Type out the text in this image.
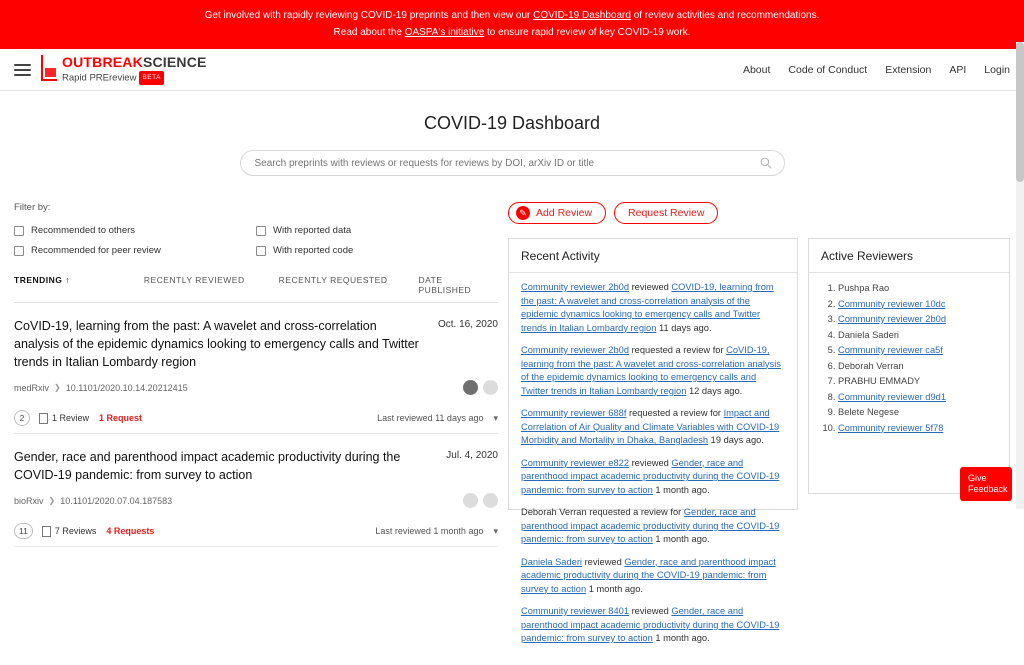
Get involved with rapidly reviewing COVID-19 preprints and then view our COVID-19 Dashboard of review activities and recommendations.
Read about the OASPA's initiative to ensure rapid review of key COVID-19 work.
OUTBREAKSCIENCE
Rapid PREreview BETA
About Code of Conduct Extension API Login
COVID-19 Dashboard
Search preprints with reviews or requests for reviews by DOI, arXiv ID or title
Filter by:
Recommended to others
Recommended for peer review
With reported data
With reported code
TRENDING ↑	RECENTLY REVIEWED	RECENTLY REQUESTED	DATE PUBLISHED
CoVID-19, learning from the past: A wavelet and cross-correlation analysis of the epidemic dynamics looking to emergency calls and Twitter trends in Italian Lombardy region
Oct. 16, 2020
medRxiv ❯ 10.1101/2020.10.14.20212415
2	1 Review 1 Request	Last reviewed 11 days ago ▾
Gender, race and parenthood impact academic productivity during the COVID-19 pandemic: from survey to action
Jul. 4, 2020
bioRxiv ❯ 10.1101/2020.07.04.187583
11	7 Reviews 4 Requests	Last reviewed 1 month ago ▾
✎ Add Review	Request Review
Recent Activity
Community reviewer 2b0d reviewed COVID-19, learning from the past: A wavelet and cross-correlation analysis of the epidemic dynamics looking to emergency calls and Twitter trends in Italian Lombardy region 11 days ago.
Community reviewer 2b0d requested a review for CoVID-19, learning from the past: A wavelet and cross-correlation analysis of the epidemic dynamics looking to emergency calls and Twitter trends in Italian Lombardy region 12 days ago.
Community reviewer 688f requested a review for Impact and Correlation of Air Quality and Climate Variables with COVID-19 Morbidity and Mortality in Dhaka, Bangladesh 19 days ago.
Community reviewer e822 reviewed Gender, race and parenthood impact academic productivity during the COVID-19 pandemic: from survey to action 1 month ago.
Deborah Verran requested a review for Gender, race and parenthood impact academic productivity during the COVID-19 pandemic: from survey to action 1 month ago.
Daniela Saderi reviewed Gender, race and parenthood impact academic productivity during the COVID-19 pandemic: from survey to action 1 month ago.
Community reviewer 8401 reviewed Gender, race and parenthood impact academic productivity during the COVID-19 pandemic: from survey to action 1 month ago.
Active Reviewers
1. Pushpa Rao
2. Community reviewer 10dc
3. Community reviewer 2b0d
4. Daniela Saderi
5. Community reviewer ca5f
6. Deborah Verran
7. PRABHU EMMADY
8. Community reviewer d9d1
9. Belete Negese
10. Community reviewer 5f78
Give Feedback
